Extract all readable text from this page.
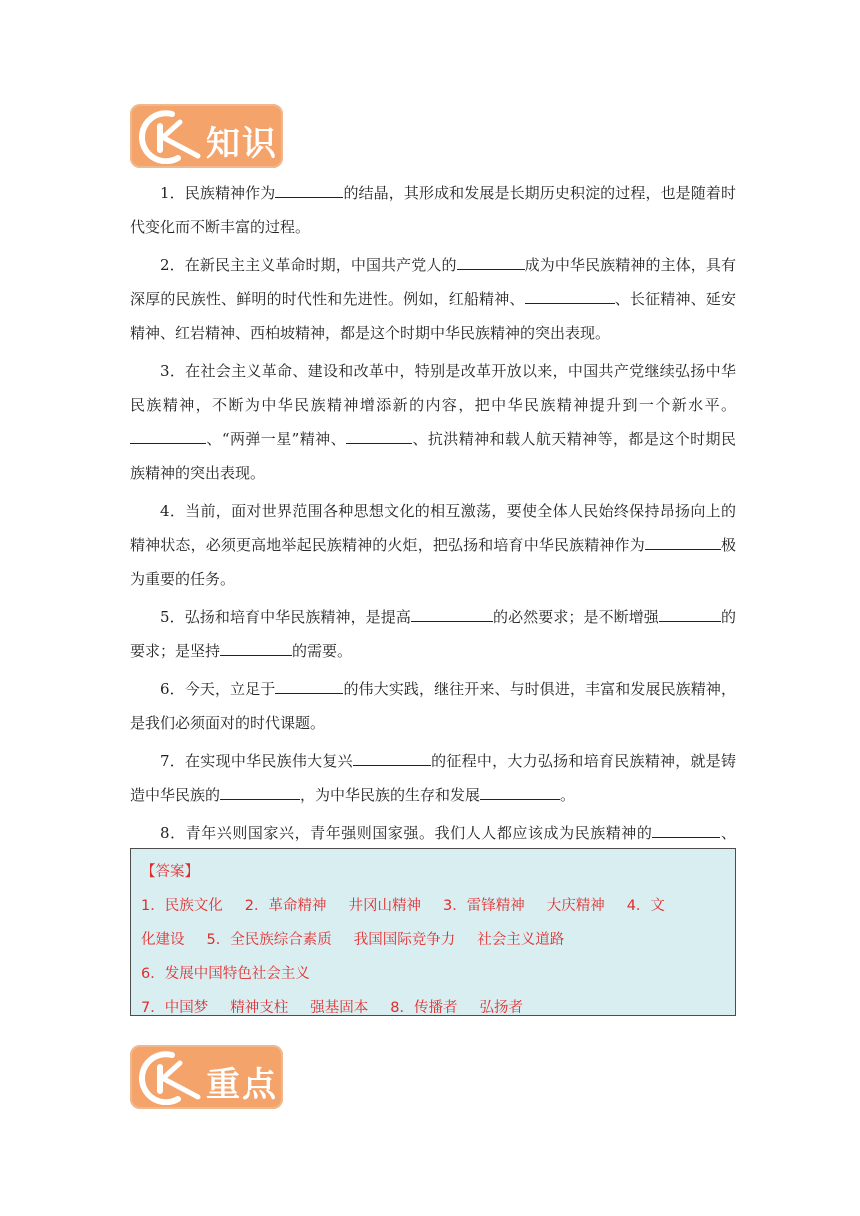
知识

1．民族精神作为	的结晶，其形成和发展是长期历史积淀的过程，也是随着时代变化而不断丰富的过程。

2．在新民主主义革命时期，中国共产党人的	成为中华民族精神的主体，具有深厚的民族性、鲜明的时代性和先进性。例如，红船精神、	、长征精神、延安精神、红岩精神、西柏坡精神，都是这个时期中华民族精神的突出表现。

3．在社会主义革命、建设和改革中，特别是改革开放以来，中国共产党继续弘扬中华民族精神，不断为中华民族精神增添新的内容，把中华民族精神提升到一个新水平。、“两弹一星”精神、	、抗洪精神和载人航天精神等，都是这个时期民族精神的突出表现。

4．当前，面对世界范围各种思想文化的相互激荡，要使全体人民始终保持昂扬向上的精神状态，必须更高地举起民族精神的火炬，把弘扬和培育中华民族精神作为	极为重要的任务。

5．弘扬和培育中华民族精神，是提高	的必然要求；是不断增强	的要求；是坚持	的需要。

6．今天，立足于	的伟大实践，继往开来、与时俱进，丰富和发展民族精神，是我们必须面对的时代课题。

7．在实现中华民族伟大复兴	的征程中，大力弘扬和培育民族精神，就是铸造中华民族的	，为中华民族的生存和发展	。

8．青年兴则国家兴，青年强则国家强。我们人人都应该成为民族精神的	、

【答案】
1．民族文化 2．革命精神 井冈山精神 3．雷锋精神 大庆精神 4．文
化建设 5．全民族综合素质 我国国际竞争力 社会主义道路
6．发展中国特色社会主义
7．中国梦 精神支柱 强基固本 8．传播者 弘扬者
重点
